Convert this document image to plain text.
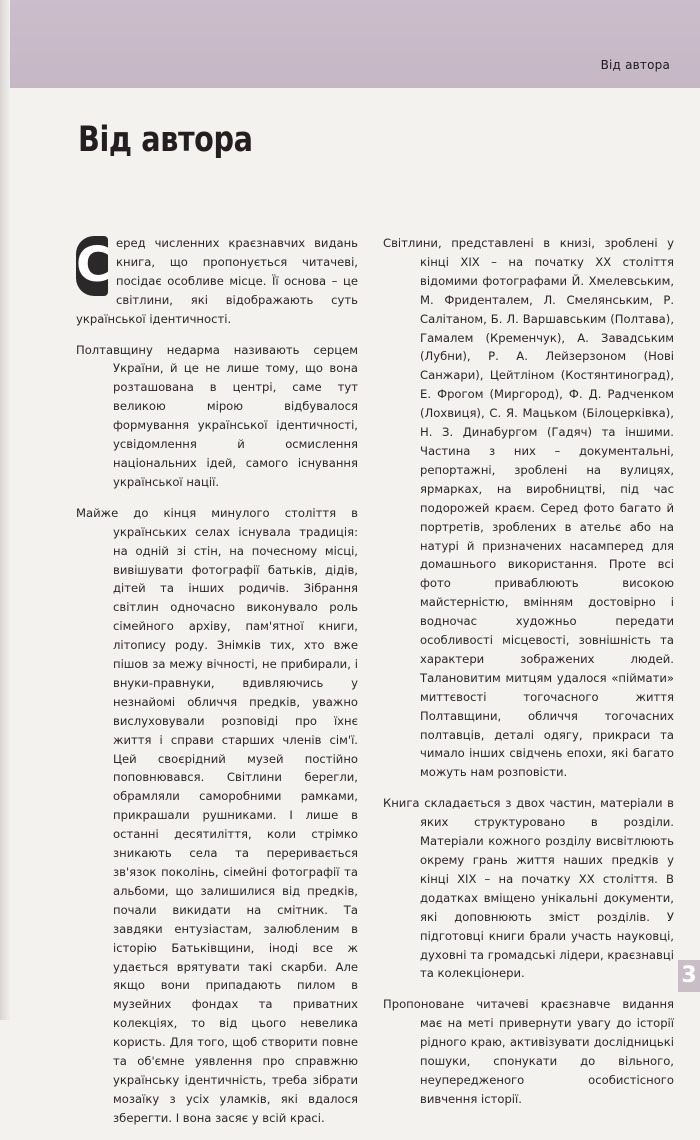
Від автора
Від автора

С еред численних краєзнавчих видань книга, що пропонується читачеві, посідає особливе місце. Її основа – це світлини, які відображають суть української ідентичності.

Полтавщину недарма називають серцем України, й це не лише тому, що вона розташована в центрі, саме тут великою мірою відбувалося формування української ідентичності, усвідомлення й осмислення національних ідей, самого існування української нації.

Майже до кінця минулого століття в українських селах існувала традиція: на одній зі стін, на почесному місці, вивішувати фотографії батьків, дідів, дітей та інших родичів. Зібрання світлин одночасно виконувало роль сімейного архіву, пам'ятної книги, літопису роду. Знімків тих, хто вже пішов за межу вічності, не прибирали, і внуки-правнуки, вдивляючись у незнайомі обличчя предків, уважно вислуховували розповіді про їхнє життя і справи старших членів сім'ї. Цей своєрідний музей постійно поповнювався. Світлини берегли, обрамляли саморобними рамками, прикрашали рушниками. І лише в останні десятиліття, коли стрімко зникають села та переривається зв'язок поколінь, сімейні фотографії та альбоми, що залишилися від предків, почали викидати на смітник. Та завдяки ентузіастам, залюбленим в історію Батьківщини, іноді все ж удається врятувати такі скарби. Але якщо вони припадають пилом в музейних фондах та приватних колекціях, то від цього невелика користь. Для того, щоб створити повне та об'ємне уявлення про справжню українську ідентичність, треба зібрати мозаїку з усіх уламків, які вдалося зберегти. І вона засяє у всій красі.

Світлини, представлені в книзі, зроблені у кінці XIX – на початку XX століття відомими фотографами Й. Хмелевським, М. Фриденталем, Л. Смелянським, Р. Салітаном, Б. Л. Варшавським (Полтава), Гамалем (Кременчук), А. Завадським (Лубни), Р. А. Лейзерзоном (Нові Санжари), Цейтліном (Костянтиноград), Е. Фрогом (Миргород), Ф. Д. Радченком (Лохвиця), С. Я. Мацьком (Білоцерківка), Н. З. Динабургом (Гадяч) та іншими. Частина з них – документальні, репортажні, зроблені на вулицях, ярмарках, на виробництві, під час подорожей краєм. Серед фото багато й портретів, зроблених в ательє або на натурі й призначених насамперед для домашнього використання. Проте всі фото приваблюють високою майстерністю, вмінням достовірно і водночас художньо передати особливості місцевості, зовнішність та характери зображених людей. Талановитим митцям удалося «піймати» миттєвості тогочасного життя Полтавщини, обличчя тогочасних полтавців, деталі одягу, прикраси та чимало інших свідчень епохи, які багато можуть нам розповісти.

Книга складається з двох частин, матеріали в яких структуровано в розділи. Матеріали кожного розділу висвітлюють окрему грань життя наших предків у кінці XIX – на початку XX століття. В додатках вміщено унікальні документи, які доповнюють зміст розділів. У підготовці книги брали участь науковці, духовні та громадські лідери, краєзнавці та колекціонери.

Пропоноване читачеві краєзнавче видання має на меті привернути увагу до історії рідного краю, активізувати дослідницькі пошуки, спонукати до вільного, неупередженого особистісного вивчення історії.

3
